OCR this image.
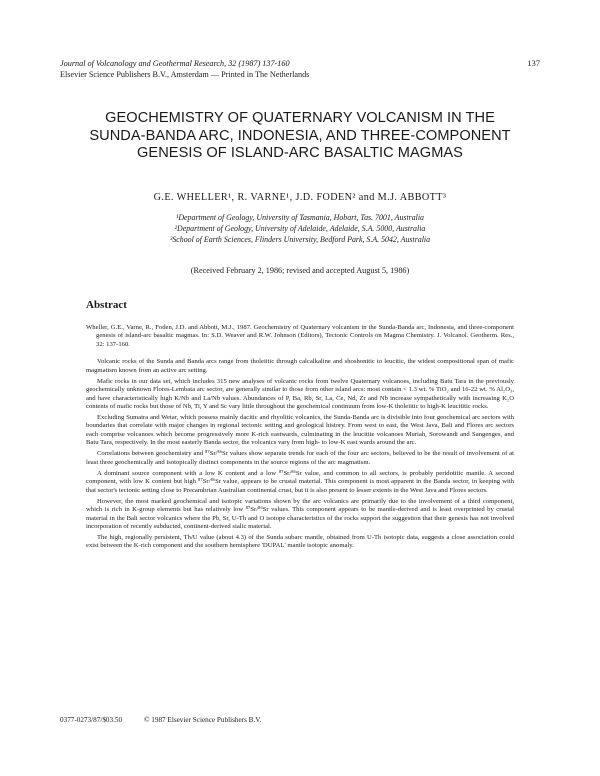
Journal of Volcanology and Geothermal Research, 32 (1987) 137-160
Elsevier Science Publishers B.V., Amsterdam — Printed in The Netherlands
137
GEOCHEMISTRY OF QUATERNARY VOLCANISM IN THE
SUNDA-BANDA ARC, INDONESIA, AND THREE-COMPONENT
GENESIS OF ISLAND-ARC BASALTIC MAGMAS
G.E. WHELLER¹, R. VARNE¹, J.D. FODEN² and M.J. ABBOTT³
¹Department of Geology, University of Tasmania, Hobart, Tas. 7001, Australia
²Department of Geology, University of Adelaide, Adelaide, S.A. 5000, Australia
³School of Earth Sciences, Flinders University, Bedford Park, S.A. 5042, Australia
(Received February 2, 1986; revised and accepted August 5, 1986)
Abstract

Wheller, G.E., Varne, R., Foden, J.D. and Abbott, M.J., 1987. Geochemistry of Quaternary volcanism in the Sunda-Banda arc, Indonesia, and three-component genesis of island-arc basaltic magmas. In: S.D. Weaver and R.W. Johnson (Editors), Tectonic Controls on Magma Chemistry. J. Volcanol. Geotherm. Res., 32: 137-160.

Volcanic rocks of the Sunda and Banda arcs range from tholeiitic through calcalkaline and shoshonitic to leucitic, the widest compositional span of mafic magmatism known from an active arc setting.

Mafic rocks in our data set, which includes 315 new analyses of volcanic rocks from twelve Quaternary volcanoes, including Batu Tara in the previously geochemically unknown Flores-Lembata arc sector, are generally similar to those from other island arcs: most contain < 1.3 wt. % TiO₂ and 16-22 wt. % Al₂O₃, and have characteristically high K/Nb and La/Nb values. Abundances of P, Ba, Rb, Sr, La, Ce, Nd, Zr and Nb increase sympathetically with increasing K₂O contents of mafic rocks but those of Nb, Ti, Y and Sc vary little throughout the geochemical continuum from low-K tholeiitic to high-K leucititic rocks.

Excluding Sumatra and Wetar, which possess mainly dacitic and rhyolitic volcanics, the Sunda-Banda arc is divisible into four geochemical arc sectors with boundaries that correlate with major changes in regional tectonic setting and geological history. From west to east, the West Java, Bali and Flores arc sectors each comprise volcanoes which become progressively more K-rich eastwards, culminating in the leucitite volcanoes Muriah, Sorowandi and Sangenges, and Batu Tara, respectively. In the most easterly Banda sector, the volcanics vary from high- to low-K east wards around the arc.

Correlations between geochemistry and ⁸⁷Sr/⁸⁶Sr values show separate trends for each of the four arc sectors, believed to be the result of involvement of at least three geochemically and isotopically distinct components in the source regions of the arc magmatism.

A dominant source component with a low K content and a low ⁸⁷Sr/⁸⁶Sr value, and common to all sectors, is probably peridotitic mantle. A second component, with low K content but high ⁸⁷Sr/⁸⁶Sr value, appears to be crustal material. This component is most apparent in the Banda sector, in keeping with that sector's tectonic setting close to Precambrian Australian continental crust, but it is also present to lesser extents in the West Java and Flores sectors.

However, the most marked geochemical and isotopic variations shown by the arc volcanics are primarily due to the involvement of a third component, which is rich in K-group elements but has relatively low ⁸⁷Sr/⁸⁶Sr values. This component appears to be mantle-derived and is least overprinted by crustal material in the Bali sector volcanics where the Pb, Sr, U-Th and O isotope characteristics of the rocks support the suggestion that their genesis has not involved incorporation of recently subducted, continent-derived sialic material.

The high, regionally persistent, Th/U value (about 4.3) of the Sunda subarc mantle, obtained from U-Th isotopic data, suggests a close association could exist between the K-rich component and the southern hemisphere 'DUPAL' mantle isotopic anomaly.

0377-0273/87/$03.50	© 1987 Elsevier Science Publishers B.V.
